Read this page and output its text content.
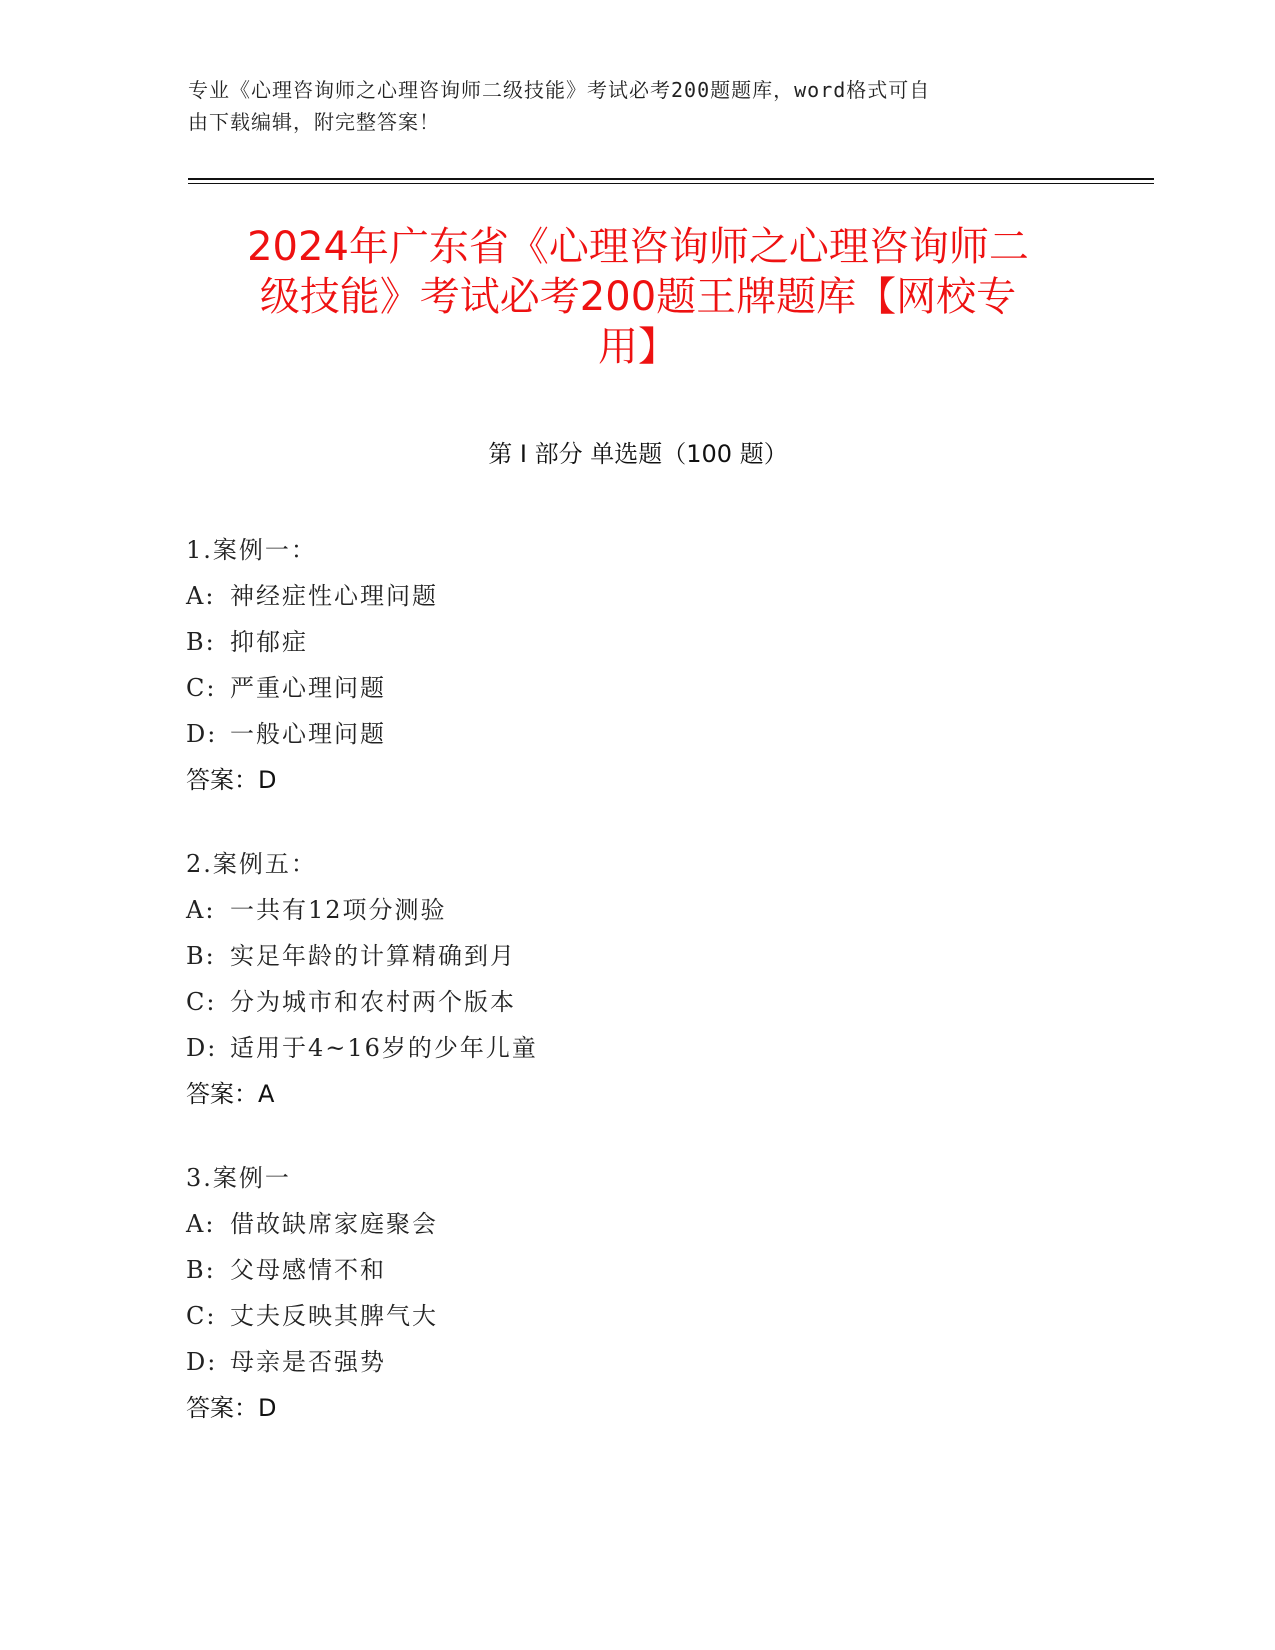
专业《心理咨询师之心理咨询师二级技能》考试必考200题题库，word格式可自
由下载编辑，附完整答案！
2024年广东省《心理咨询师之心理咨询师二
级技能》考试必考200题王牌题库【网校专
用】
第 I 部分 单选题（100 题）
1.案例一：
A: 神经症性心理问题
B: 抑郁症
C: 严重心理问题
D: 一般心理问题
答案：D
2.案例五：
A: 一共有12项分测验
B: 实足年龄的计算精确到月
C: 分为城市和农村两个版本
D: 适用于4~16岁的少年儿童
答案：A
3.案例一
A: 借故缺席家庭聚会
B: 父母感情不和
C: 丈夫反映其脾气大
D: 母亲是否强势
答案：D
